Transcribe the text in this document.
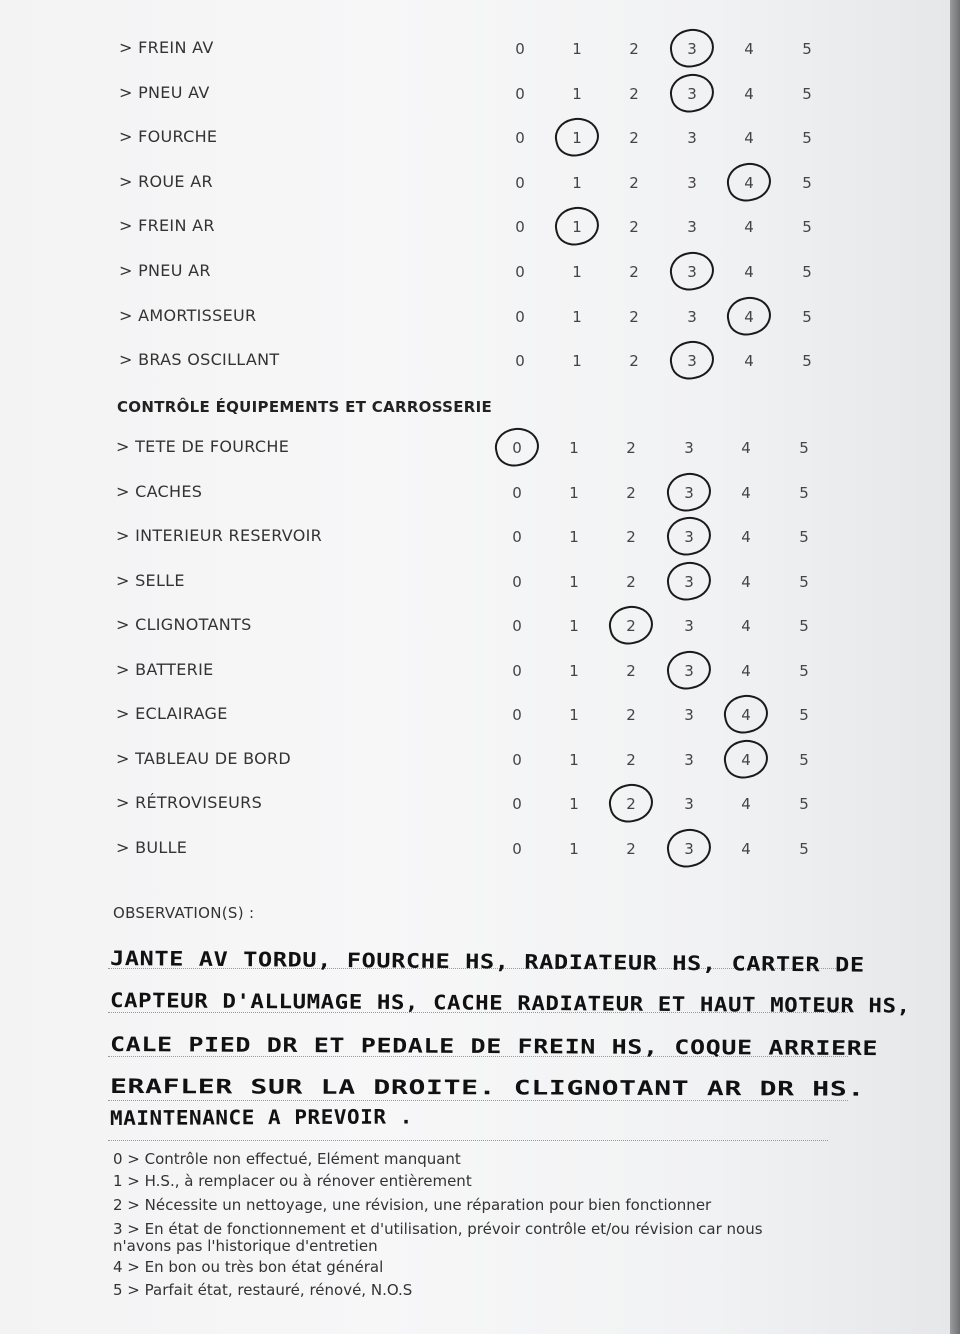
> FREIN AV	0	1	2	3	4	5
> PNEU AV	0	1	2	3	4	5
> FOURCHE	0	1	2	3	4	5
> ROUE AR	0	1	2	3	4	5
> FREIN AR	0	1	2	3	4	5
> PNEU AR	0	1	2	3	4	5
> AMORTISSEUR	0	1	2	3	4	5
> BRAS OSCILLANT	0	1	2	3	4	5
CONTRÔLE ÉQUIPEMENTS ET CARROSSERIE
> TETE DE FOURCHE	0	1	2	3	4	5
> CACHES	0	1	2	3	4	5
> INTERIEUR RESERVOIR	0	1	2	3	4	5
> SELLE	0	1	2	3	4	5
> CLIGNOTANTS	0	1	2	3	4	5
> BATTERIE	0	1	2	3	4	5
> ECLAIRAGE	0	1	2	3	4	5
> TABLEAU DE BORD	0	1	2	3	4	5
> RÉTROVISEURS	0	1	2	3	4	5
> BULLE	0	1	2	3	4	5
OBSERVATION(S) :
JANTE AV TORDU, FOURCHE HS, RADIATEUR HS, CARTER DE
CAPTEUR D'ALLUMAGE HS, CACHE RADIATEUR ET HAUT MOTEUR HS,
CALE PIED DR ET PEDALE DE FREIN HS, COQUE ARRIERE
ERAFLER SUR LA DROITE. CLIGNOTANT AR DR HS.
MAINTENANCE A PREVOIR .
0 > Contrôle non effectué, Elément manquant
1 > H.S., à remplacer ou à rénover entièrement
2 > Nécessite un nettoyage, une révision, une réparation pour bien fonctionner
3 > En état de fonctionnement et d'utilisation, prévoir contrôle et/ou révision car nous
n'avons pas l'historique d'entretien
4 > En bon ou très bon état général
5 > Parfait état, restauré, rénové, N.O.S
